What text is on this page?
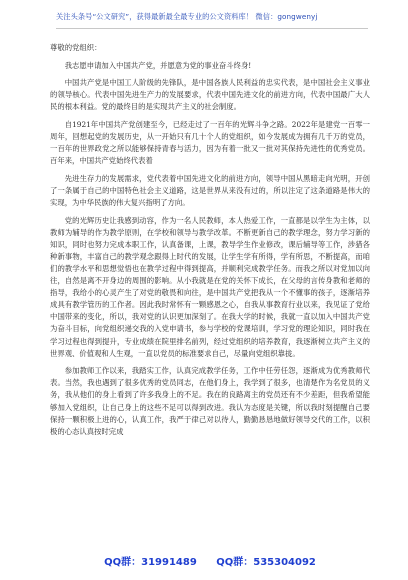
关注头条号“公文研究”，获得最新最全最专业的公文资料库！ 微信：gongwenyj

尊敬的党组织：

我志愿申请加入中国共产党，并愿意为党的事业奋斗终身!

中国共产党是中国工人阶级的先锋队，是中国各族人民利益的忠实代表，是中国社会主义事业的领导核心。代表中国先进生产力的发展要求，代表中国先进文化的前进方向，代表中国最广大人民的根本利益。党的最终目的是实现共产主义的社会制度。

自1921年中国共产党创建至今，已经走过了一百年的光辉斗争之路。2022年是建党一百零一周年，回想起党的发展历史，从一开始只有几十个人的党组织，如今发展成为拥有几千万的党员，一百年的世界政党之所以能够保持青春与活力，因为有着一批又一批对其保持先进性的优秀党员。百年来，中国共产党始终代表着

先进生存力的发展需求，党代表着中国先进文化的前进方向，领导中国从黑暗走向光明，开创了一条属于自己的中国特色社会主义道路，这是世界从来没有过的，所以注定了这条道路是伟大的实现，为中华民族的伟大复兴指明了方向。

党的光辉历史让我感到动容，作为一名人民教师，本人热爱工作，一直都是以学生为主体，以教师为辅导的作为教学原则，在学校和领导与教学改革。不断更新自己的教学理念，努力学习新的知识，同时也努力完成本职工作，认真备课，上课，教导学生作业修改，课后辅导等工作，涉猎各种新事物，丰富自己的教学观念跟得上时代的发展，让学生学有所得，学有所思，不断提高，而咱们的教学水平和思想觉悟也在教学过程中得到提高，并顺利完成教学任务。而我之所以对党加以向往，自然是离不开身边的周围的影响。从小我就是在党的关怀下成长，在父母的言传身教和老师的指导，我给小的心灵产生了对党的敬畏和向往，是中国共产党把我从一个不懂事的孩子，逐渐培养成具有教学管历的工作者。因此我时常怀有一颗感恩之心，自我从事教育行业以来，我见证了党给中国带来的变化，所以，我对党的认识更加深刻了。在我大学的时候，我就一直以加入中国共产党为奋斗目标，向党组织递交我的入党申请书，参与学校的党课培训，学习党的理论知识，同时我在学习过程也得到提升，专业成绩在院里排名前列，经过党组织的培养教育，我逐渐树立共产主义的世界观、价值观和人生观，一直以党员的标准要求自己，尽量向党组织靠拢。

参加教师工作以来，我踏实工作，认真完成教学任务，工作中任劳任怨，逐渐成为优秀教师代表。当然，我也遇到了很多优秀的党员同志，在他们身上，我学到了很多，也清楚作为名党员的义务，我从他们的身上看到了许多我身上的不足。我在的良路离主的党员还有不少差距，但我希望能够加入党组织，让自己身上的这些不足可以得到改进。我认为态度是关键，所以我时刻提醒自己要保持一颗积极上进的心，认真工作，我严于律己对以待人，勤勤恳恳地做好领导交代的工作，以积极的心态认真按时完成

QQ群：31991489 QQ群：535304092
